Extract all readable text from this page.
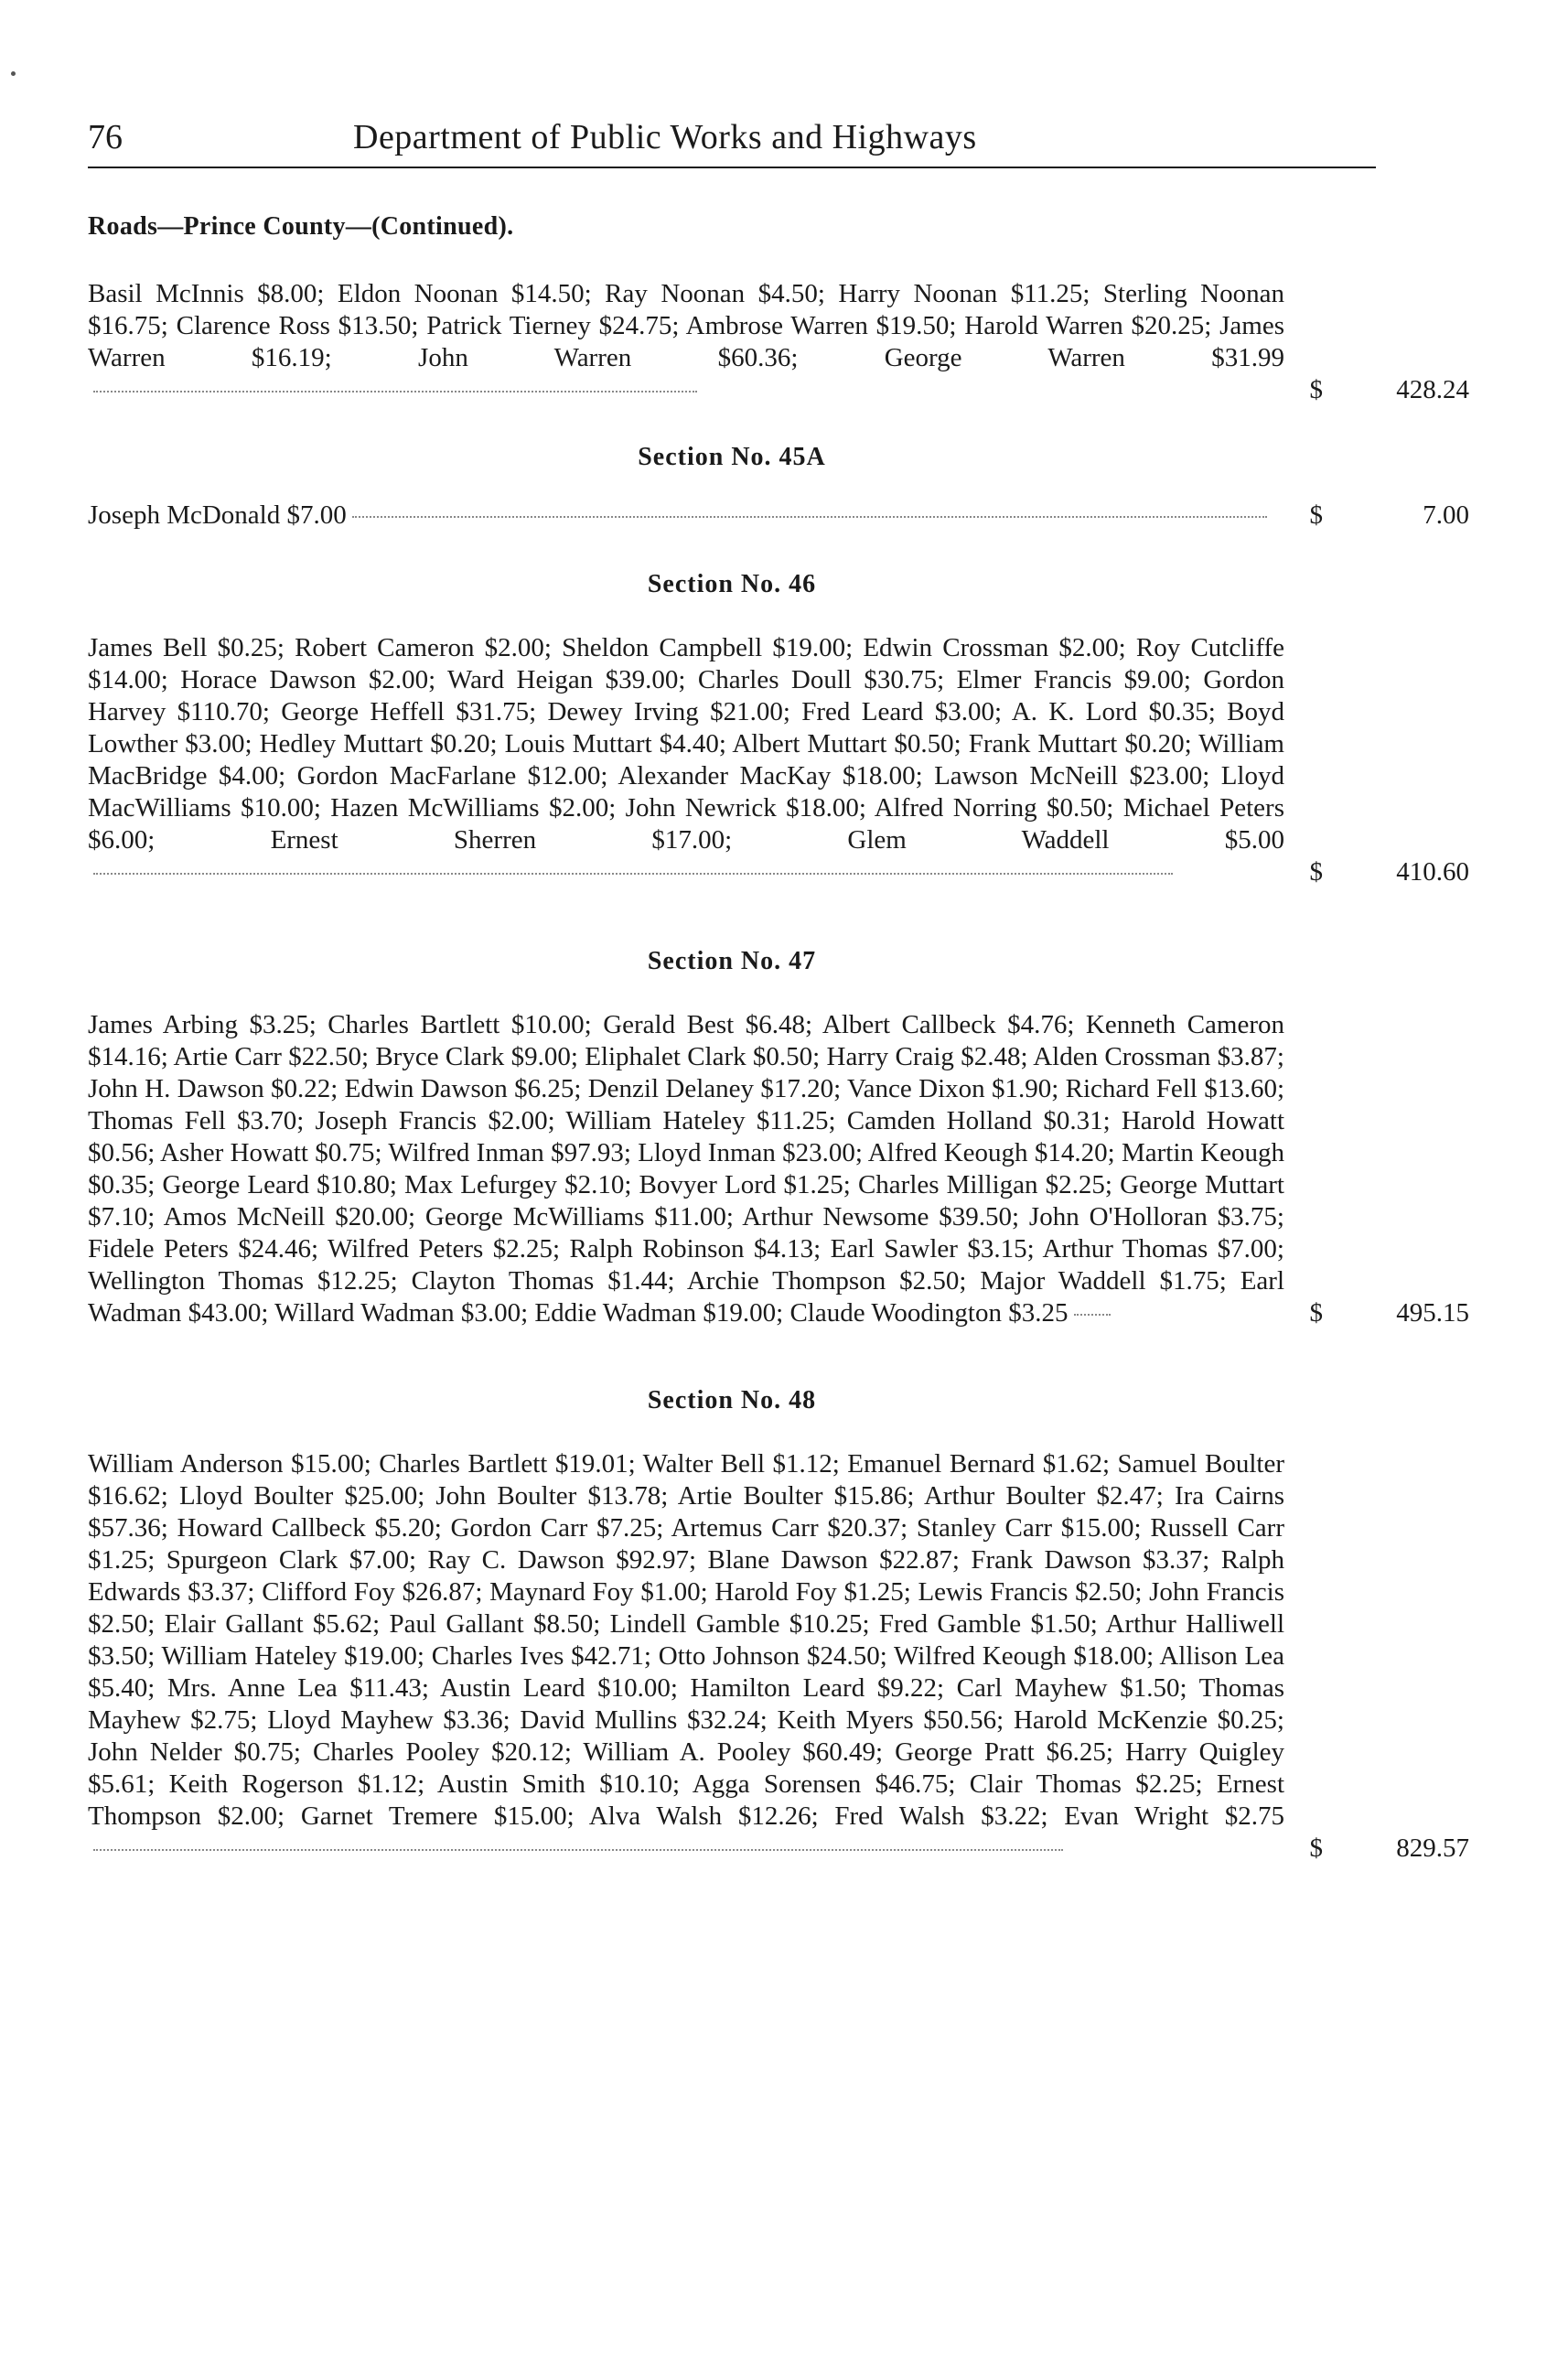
76	Department of Public Works and Highways
Roads—Prince County—(Continued).
Basil McInnis $8.00; Eldon Noonan $14.50; Ray Noonan $4.50; Harry Noonan $11.25; Sterling Noonan $16.75; Clarence Ross $13.50; Patrick Tierney $24.75; Ambrose Warren $19.50; Harold Warren $20.25; James Warren $16.19; John Warren $60.36; George Warren $31.99
$	428.24
Section No. 45A
Joseph McDonald $7.00	$	7.00
Section No. 46
James Bell $0.25; Robert Cameron $2.00; Sheldon Campbell $19.00; Edwin Crossman $2.00; Roy Cutcliffe $14.00; Horace Dawson $2.00; Ward Heigan $39.00; Charles Doull $30.75; Elmer Francis $9.00; Gordon Harvey $110.70; George Heffell $31.75; Dewey Irving $21.00; Fred Leard $3.00; A. K. Lord $0.35; Boyd Lowther $3.00; Hedley Muttart $0.20; Louis Muttart $4.40; Albert Muttart $0.50; Frank Muttart $0.20; William MacBridge $4.00; Gordon MacFarlane $12.00; Alexander MacKay $18.00; Lawson McNeill $23.00; Lloyd MacWilliams $10.00; Hazen McWilliams $2.00; John Newrick $18.00; Alfred Norring $0.50; Michael Peters $6.00; Ernest Sherren $17.00; Glem Waddell $5.00
$	410.60
Section No. 47
James Arbing $3.25; Charles Bartlett $10.00; Gerald Best $6.48; Albert Callbeck $4.76; Kenneth Cameron $14.16; Artie Carr $22.50; Bryce Clark $9.00; Eliphalet Clark $0.50; Harry Craig $2.48; Alden Crossman $3.87; John H. Dawson $0.22; Edwin Dawson $6.25; Denzil Delaney $17.20; Vance Dixon $1.90; Richard Fell $13.60; Thomas Fell $3.70; Joseph Francis $2.00; William Hateley $11.25; Camden Holland $0.31; Harold Howatt $0.56; Asher Howatt $0.75; Wilfred Inman $97.93; Lloyd Inman $23.00; Alfred Keough $14.20; Martin Keough $0.35; George Leard $10.80; Max Lefurgey $2.10; Bovyer Lord $1.25; Charles Milligan $2.25; George Muttart $7.10; Amos McNeill $20.00; George McWilliams $11.00; Arthur Newsome $39.50; John O'Holloran $3.75; Fidele Peters $24.46; Wilfred Peters $2.25; Ralph Robinson $4.13; Earl Sawler $3.15; Arthur Thomas $7.00; Wellington Thomas $12.25; Clayton Thomas $1.44; Archie Thompson $2.50; Major Waddell $1.75; Earl Wadman $43.00; Willard Wadman $3.00; Eddie Wadman $19.00; Claude Woodington $3.25	$	495.15
Section No. 48
William Anderson $15.00; Charles Bartlett $19.01; Walter Bell $1.12; Emanuel Bernard $1.62; Samuel Boulter $16.62; Lloyd Boulter $25.00; John Boulter $13.78; Artie Boulter $15.86; Arthur Boulter $2.47; Ira Cairns $57.36; Howard Callbeck $5.20; Gordon Carr $7.25; Artemus Carr $20.37; Stanley Carr $15.00; Russell Carr $1.25; Spurgeon Clark $7.00; Ray C. Dawson $92.97; Blane Dawson $22.87; Frank Dawson $3.37; Ralph Edwards $3.37; Clifford Foy $26.87; Maynard Foy $1.00; Harold Foy $1.25; Lewis Francis $2.50; John Francis $2.50; Elair Gallant $5.62; Paul Gallant $8.50; Lindell Gamble $10.25; Fred Gamble $1.50; Arthur Halliwell $3.50; William Hateley $19.00; Charles Ives $42.71; Otto Johnson $24.50; Wilfred Keough $18.00; Allison Lea $5.40; Mrs. Anne Lea $11.43; Austin Leard $10.00; Hamilton Leard $9.22; Carl Mayhew $1.50; Thomas Mayhew $2.75; Lloyd Mayhew $3.36; David Mullins $32.24; Keith Myers $50.56; Harold McKenzie $0.25; John Nelder $0.75; Charles Pooley $20.12; William A. Pooley $60.49; George Pratt $6.25; Harry Quigley $5.61; Keith Rogerson $1.12; Austin Smith $10.10; Agga Sorensen $46.75; Clair Thomas $2.25; Ernest Thompson $2.00; Garnet Tremere $15.00; Alva Walsh $12.26; Fred Walsh $3.22; Evan Wright $2.75
$	829.57
